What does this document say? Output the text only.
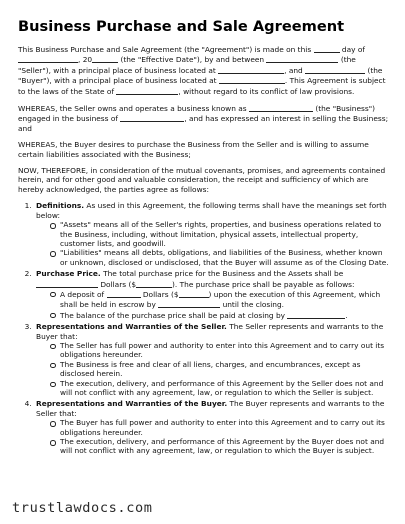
Business Purchase and Sale Agreement

This Business Purchase and Sale Agreement (the "Agreement") is made on this	day of , 20	(the "Effective Date"), by and between	(the "Seller"), with a principal place of business located at	, and	(the "Buyer"), with a principal place of business located at	. This Agreement is subject to the laws of the State of	, without regard to its conflict of law provisions.

WHEREAS, the Seller owns and operates a business known as	(the "Business") engaged in the business of	, and has expressed an interest in selling the Business; and

WHEREAS, the Buyer desires to purchase the Business from the Seller and is willing to assume certain liabilities associated with the Business;

NOW, THEREFORE, in consideration of the mutual covenants, promises, and agreements contained herein, and for other good and valuable consideration, the receipt and sufficiency of which are hereby acknowledged, the parties agree as follows:

1. Definitions. As used in this Agreement, the following terms shall have the meanings set forth below:
"Assets" means all of the Seller's rights, properties, and business operations related to the Business, including, without limitation, physical assets, intellectual property, customer lists, and goodwill.
"Liabilities" means all debts, obligations, and liabilities of the Business, whether known or unknown, disclosed or undisclosed, that the Buyer will assume as of the Closing Date.
2. Purchase Price. The total purchase price for the Business and the Assets shall be  Dollars ($	). The purchase price shall be payable as follows:
A deposit of	Dollars ($	) upon the execution of this Agreement, which shall be held in escrow by	until the closing.
The balance of the purchase price shall be paid at closing by	.
3. Representations and Warranties of the Seller. The Seller represents and warrants to the Buyer that:
The Seller has full power and authority to enter into this Agreement and to carry out its obligations hereunder.
The Business is free and clear of all liens, charges, and encumbrances, except as disclosed herein.
The execution, delivery, and performance of this Agreement by the Seller does not and will not conflict with any agreement, law, or regulation to which the Seller is subject.
4. Representations and Warranties of the Buyer. The Buyer represents and warrants to the Seller that:
The Buyer has full power and authority to enter into this Agreement and to carry out its obligations hereunder.
The execution, delivery, and performance of this Agreement by the Buyer does not and will not conflict with any agreement, law, or regulation to which the Buyer is subject.
trustlawdocs.com
